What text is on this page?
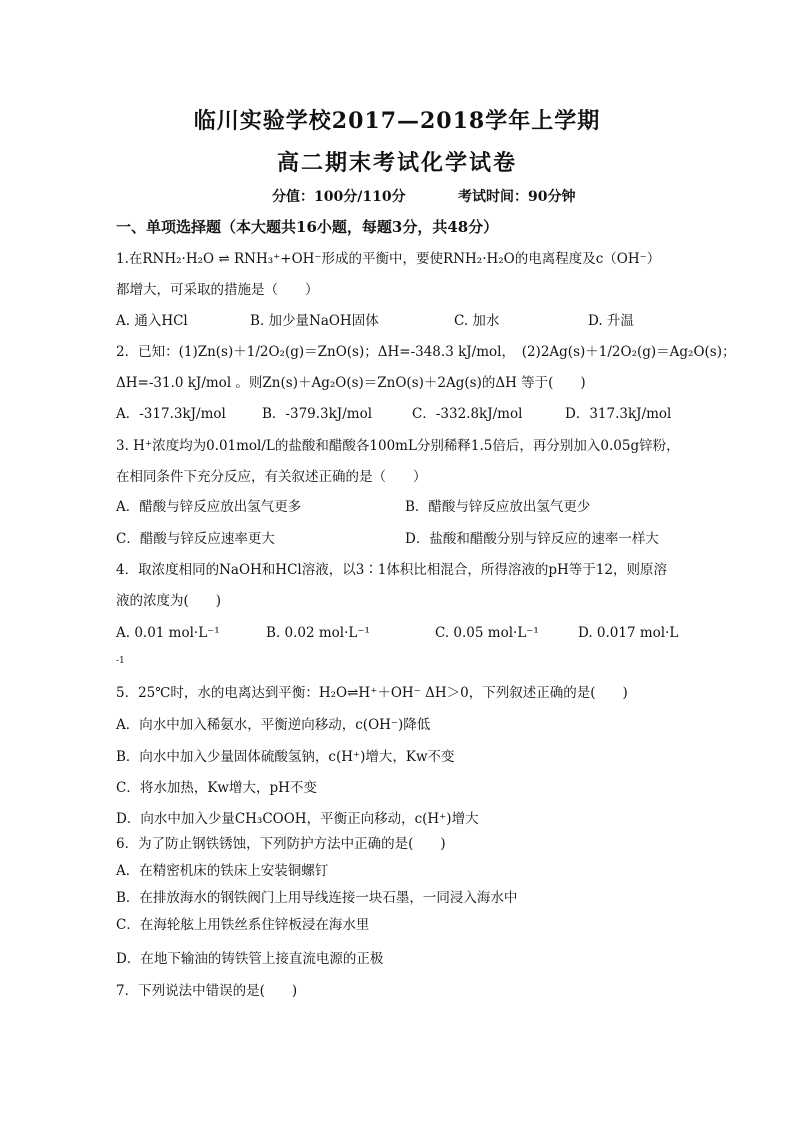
临川实验学校2017—2018学年上学期
高二期末考试化学试卷
分值：100分/110分	考试时间：90分钟
一、单项选择题（本大题共16小题，每题3分，共48分）
1.在RNH₂·H₂O ⇌ RNH₃⁺+OH⁻形成的平衡中，要使RNH₂·H₂O的电离程度及c（OH⁻）
都增大，可采取的措施是（　　）
A. 通入HCl	B. 加少量NaOH固体	C. 加水	D. 升温
2．已知：(1)Zn(s)＋1/2O₂(g)＝ZnO(s)；ΔH=-348.3 kJ/mol，　(2)2Ag(s)＋1/2O₂(g)＝Ag₂O(s)；
ΔH=-31.0 kJ/mol 。则Zn(s)＋Ag₂O(s)＝ZnO(s)＋2Ag(s)的ΔH 等于(　　)
A．-317.3kJ/mol	B．-379.3kJ/mol	C．-332.8kJ/mol	D．317.3kJ/mol
3. H⁺浓度均为0.01mol/L的盐酸和醋酸各100mL分别稀释1.5倍后，再分别加入0.05g锌粉，
在相同条件下充分反应，有关叙述正确的是（　　）
A．醋酸与锌反应放出氢气更多	B．醋酸与锌反应放出氢气更少
C．醋酸与锌反应速率更大	D．盐酸和醋酸分别与锌反应的速率一样大
4．取浓度相同的NaOH和HCl溶液，以3∶1体积比相混合，所得溶液的pH等于12，则原溶
液的浓度为(　　)
A. 0.01 mol·L⁻¹	B. 0.02 mol·L⁻¹	C. 0.05 mol·L⁻¹	D. 0.017 mol·L
-1
5．25℃时，水的电离达到平衡：H₂O⇌H⁺＋OH⁻ ΔH＞0，下列叙述正确的是(　　)
A．向水中加入稀氨水，平衡逆向移动，c(OH⁻)降低
B．向水中加入少量固体硫酸氢钠，c(H⁺)增大，Kw不变
C．将水加热，Kw增大，pH不变
D．向水中加入少量CH₃COOH，平衡正向移动，c(H⁺)增大
6．为了防止钢铁锈蚀，下列防护方法中正确的是(　　)
A．在精密机床的铁床上安装铜螺钉
B．在排放海水的钢铁阀门上用导线连接一块石墨，一同浸入海水中
C．在海轮舷上用铁丝系住锌板浸在海水里
D．在地下输油的铸铁管上接直流电源的正极
7．下列说法中错误的是(　　)
